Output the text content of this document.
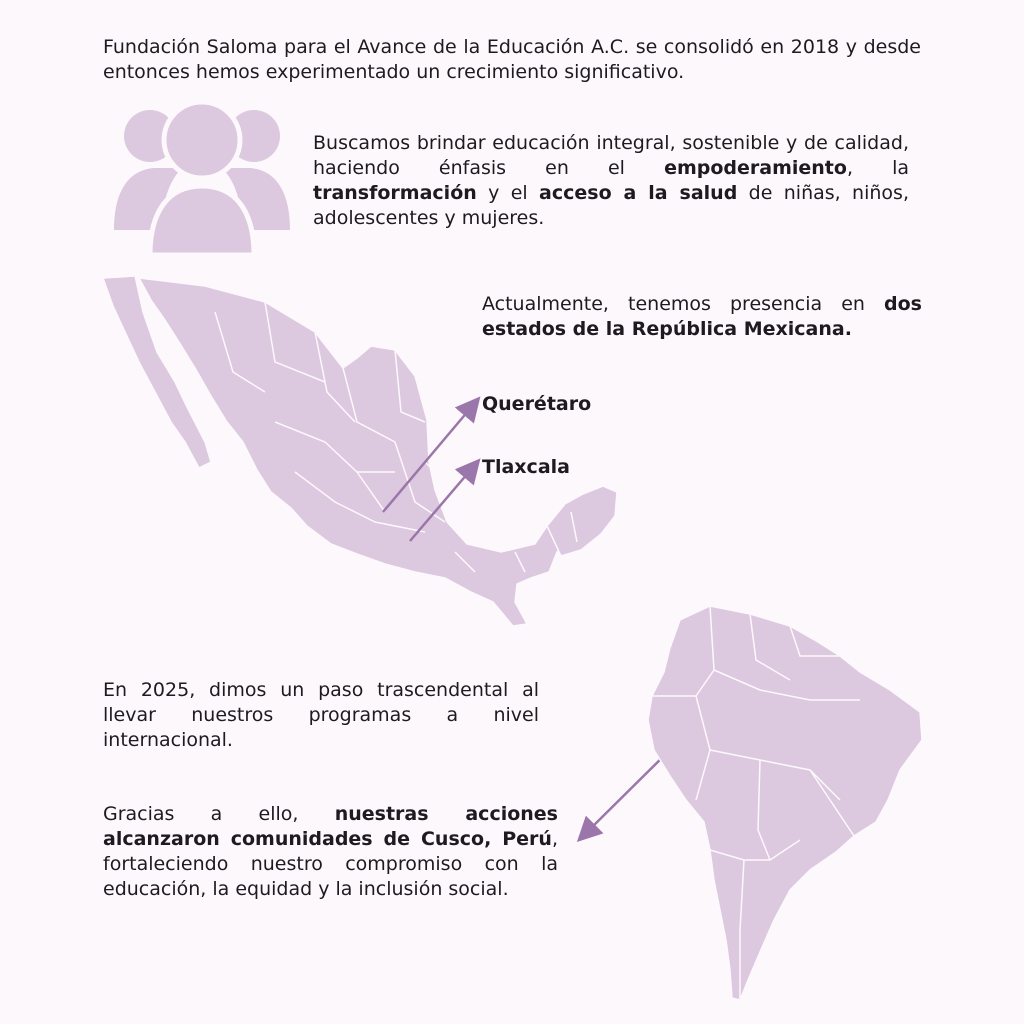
Fundación Saloma para el Avance de la Educación A.C. se consolidó en 2018 y desde entonces hemos experimentado un crecimiento significativo.
Buscamos brindar educación integral, sostenible y de calidad, haciendo énfasis en el empoderamiento, la transformación y el acceso a la salud de niñas, niños, adolescentes y mujeres.
Actualmente, tenemos presencia en dos estados de la República Mexicana.
Querétaro
Tlaxcala
En 2025, dimos un paso trascendental al llevar nuestros programas a nivel internacional.
Gracias a ello, nuestras acciones alcanzaron comunidades de Cusco, Perú, fortaleciendo nuestro compromiso con la educación, la equidad y la inclusión social.
